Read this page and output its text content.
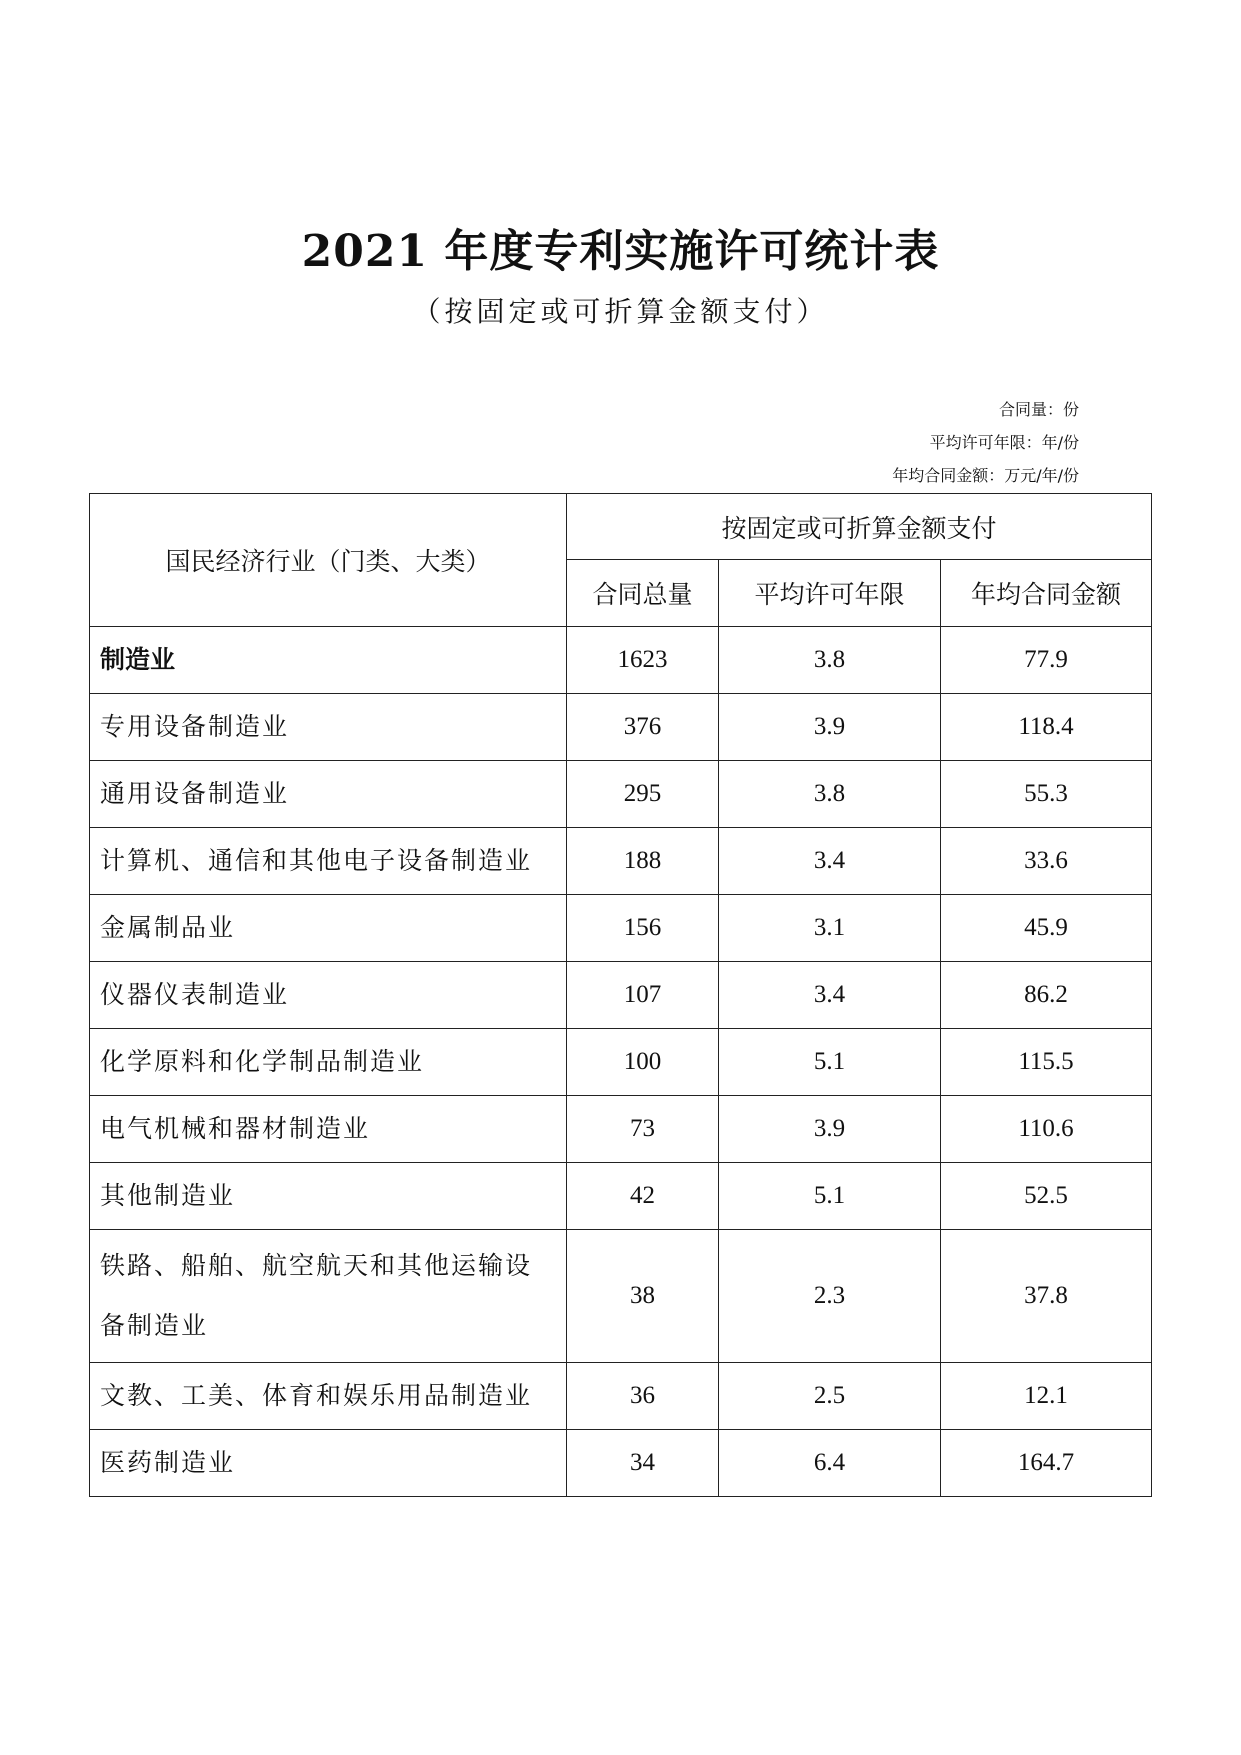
2021 年度专利实施许可统计表
（按固定或可折算金额支付）
合同量：份
平均许可年限：年/份
年均合同金额：万元/年/份
国民经济行业（门类、大类）	按固定或可折算金额支付		
	合同总量	平均许可年限	年均合同金额
制造业	1623	3.8	77.9
专用设备制造业	376	3.9	118.4
通用设备制造业	295	3.8	55.3
计算机、通信和其他电子设备制造业	188	3.4	33.6
金属制品业	156	3.1	45.9
仪器仪表制造业	107	3.4	86.2
化学原料和化学制品制造业	100	5.1	115.5
电气机械和器材制造业	73	3.9	110.6
其他制造业	42	5.1	52.5
铁路、船舶、航空航天和其他运输设备制造业	38	2.3	37.8
文教、工美、体育和娱乐用品制造业	36	2.5	12.1
医药制造业	34	6.4	164.7
